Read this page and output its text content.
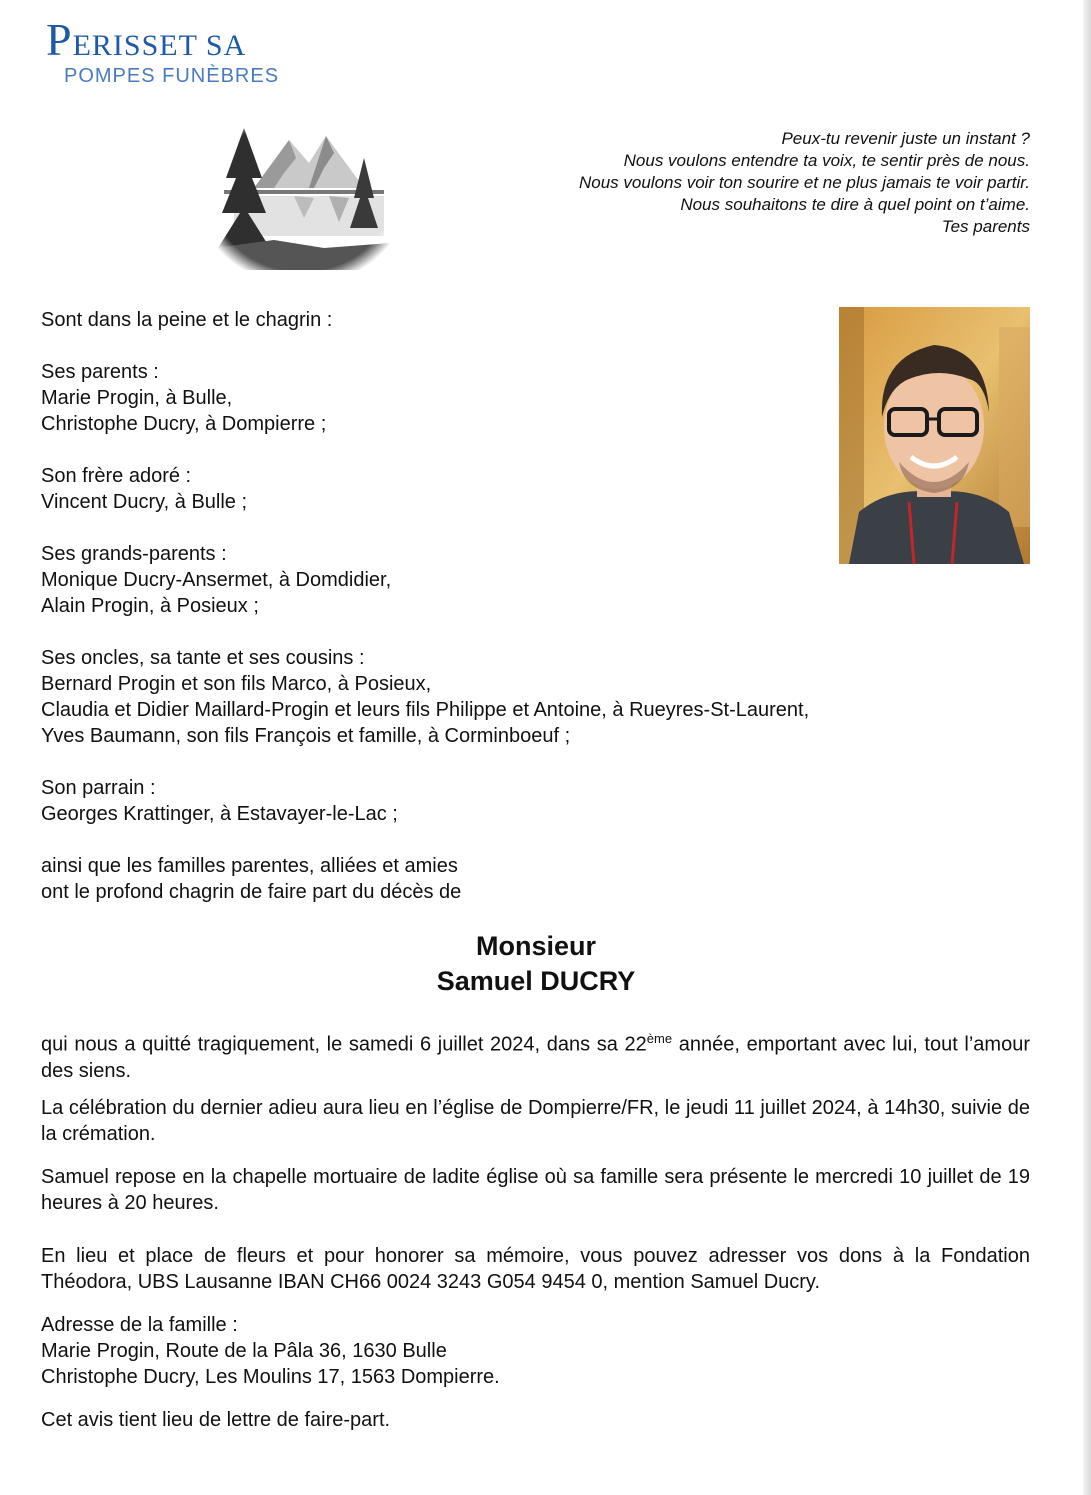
PERISSET SA
POMPES FUNÈBRES
Peux-tu revenir juste un instant ?
Nous voulons entendre ta voix, te sentir près de nous.
Nous voulons voir ton sourire et ne plus jamais te voir partir.
Nous souhaitons te dire à quel point on t’aime.
Tes parents
Sont dans la peine et le chagrin :
Ses parents :
Marie Progin, à Bulle,
Christophe Ducry, à Dompierre ;
Son frère adoré :
Vincent Ducry, à Bulle ;
Ses grands-parents :
Monique Ducry-Ansermet, à Domdidier,
Alain Progin, à Posieux ;
Ses oncles, sa tante et ses cousins :
Bernard Progin et son fils Marco, à Posieux,
Claudia et Didier Maillard-Progin et leurs fils Philippe et Antoine, à Rueyres-St-Laurent,
Yves Baumann, son fils François et famille, à Corminboeuf ;
Son parrain :
Georges Krattinger, à Estavayer-le-Lac ;
ainsi que les familles parentes, alliées et amies
ont le profond chagrin de faire part du décès de
Monsieur
Samuel DUCRY
qui nous a quitté tragiquement, le samedi 6 juillet 2024, dans sa 22ème année, emportant avec lui, tout l’amour des siens.
La célébration du dernier adieu aura lieu en l’église de Dompierre/FR, le jeudi 11 juillet 2024, à 14h30, suivie de la crémation.
Samuel repose en la chapelle mortuaire de ladite église où sa famille sera présente le mercredi 10 juillet de 19 heures à 20 heures.
En lieu et place de fleurs et pour honorer sa mémoire, vous pouvez adresser vos dons à la Fondation Théodora, UBS Lausanne IBAN CH66 0024 3243 G054 9454 0, mention Samuel Ducry.
Adresse de la famille :
Marie Progin, Route de la Pâla 36, 1630 Bulle
Christophe Ducry, Les Moulins 17, 1563 Dompierre.
Cet avis tient lieu de lettre de faire-part.
